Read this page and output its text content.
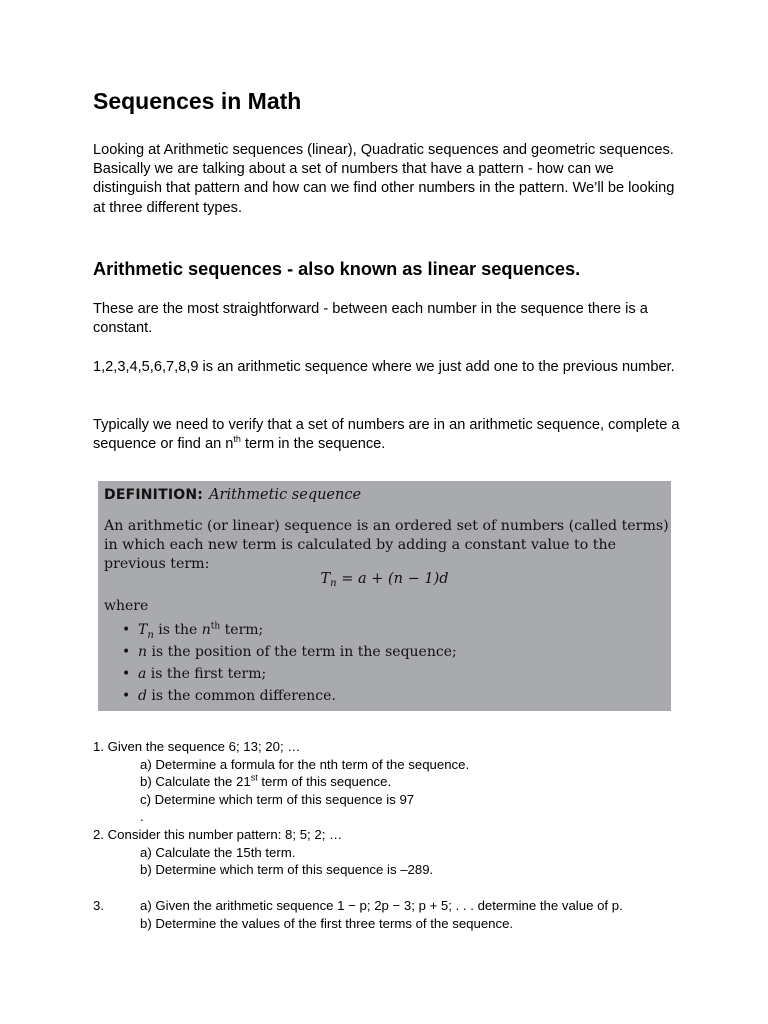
Sequences in Math
Looking at Arithmetic sequences (linear), Quadratic sequences and geometric sequences.
Basically we are talking about a set of numbers that have a pattern - how can we distinguish that pattern and how can we find other numbers in the pattern. We’ll be looking at three different types.
Arithmetic sequences - also known as linear sequences.

These are the most straightforward - between each number in the sequence there is a constant.

1,2,3,4,5,6,7,8,9 is an arithmetic sequence where we just add one to the previous number.

Typically we need to verify that a set of numbers are in an arithmetic sequence, complete a sequence or find an $n^{th}$ term in the sequence.

DEFINITION: Arithmetic sequence
An arithmetic (or linear) sequence is an ordered set of numbers (called terms) in which each new term is calculated by adding a constant value to the previous term:
$T_n = a + (n - 1)d$
where
• $T_n$ is the $n^{th}$ term;
• n is the position of the term in the sequence;
• a is the first term;
• d is the common difference.
1. Given the sequence 6; 13; 20; …
a) Determine a formula for the nth term of the sequence.
b) Calculate the 21st term of this sequence.
c) Determine which term of this sequence is 97
.
2. Consider this number pattern: 8; 5; 2; …
a) Calculate the 15th term.
b) Determine which term of this sequence is –289.
3.	a) Given the arithmetic sequence 1 − p; 2p − 3; p + 5; . . . determine the value of p.
b) Determine the values of the first three terms of the sequence.
